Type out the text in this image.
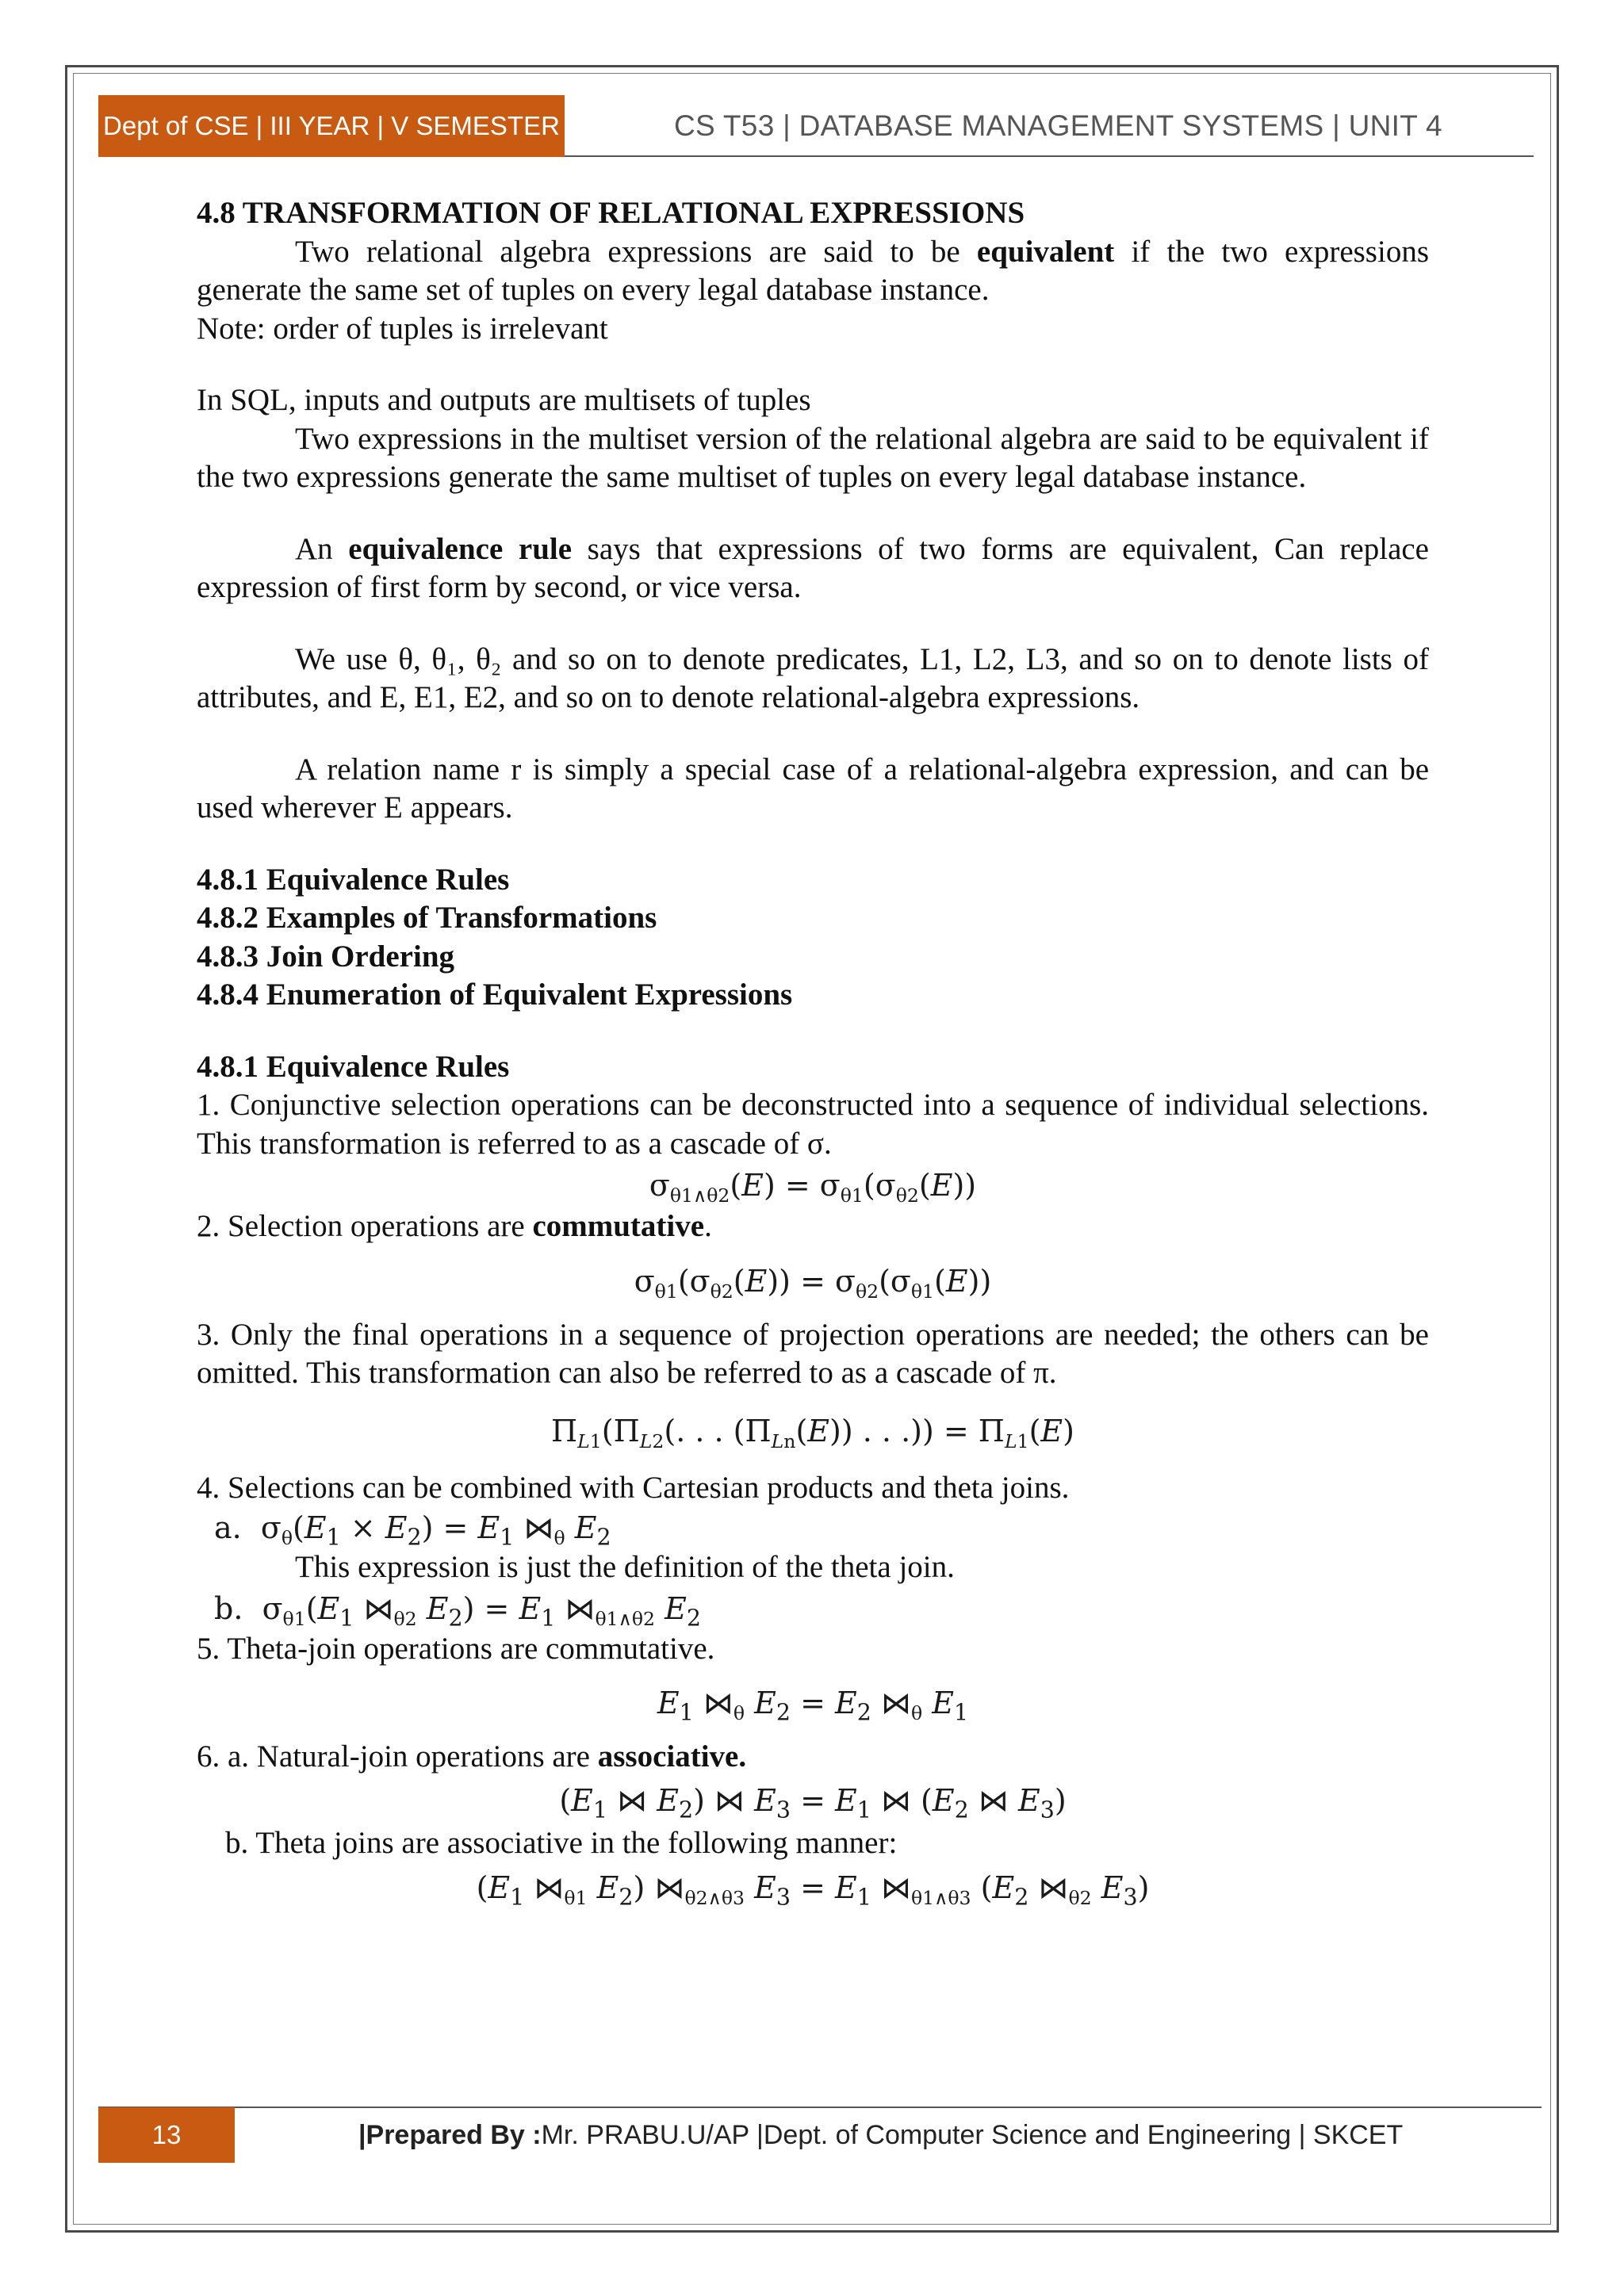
Dept of CSE | III YEAR | V SEMESTER	CS T53 | DATABASE MANAGEMENT SYSTEMS | UNIT 4

4.8 TRANSFORMATION OF RELATIONAL EXPRESSIONS

Two relational algebra expressions are said to be equivalent if the two expressions generate the same set of tuples on every legal database instance.

Note: order of tuples is irrelevant

In SQL, inputs and outputs are multisets of tuples

Two expressions in the multiset version of the relational algebra are said to be equivalent if the two expressions generate the same multiset of tuples on every legal database instance.

An equivalence rule says that expressions of two forms are equivalent, Can replace expression of first form by second, or vice versa.

We use θ, θ₁, θ₂ and so on to denote predicates, L1, L2, L3, and so on to denote lists of attributes, and E, E1, E2, and so on to denote relational-algebra expressions.

A relation name r is simply a special case of a relational-algebra expression, and can be used wherever E appears.

4.8.1 Equivalence Rules

4.8.2 Examples of Transformations

4.8.3 Join Ordering

4.8.4 Enumeration of Equivalent Expressions

4.8.1 Equivalence Rules

1. Conjunctive selection operations can be deconstructed into a sequence of individual selections. This transformation is referred to as a cascade of σ.

$\sigma_{\theta 1\wedge\theta 2}(E) = \sigma_{\theta 1}(\sigma_{\theta 2}(E))$

2. Selection operations are commutative.

$\sigma_{\theta 1}(\sigma_{\theta 2}(E)) = \sigma_{\theta 2}(\sigma_{\theta 1}(E))$

3. Only the final operations in a sequence of projection operations are needed; the others can be omitted. This transformation can also be referred to as a cascade of π.

$\Pi_{L1}(\Pi_{L2}$(. . . $(\Pi_{Ln}(E))$ . . .)) = $\Pi_{L1}(E)$

4. Selections can be combined with Cartesian products and theta joins.

a.  $\sigma_\theta(E_1 \times E_2) = E_1$ $⋈_\theta$ $E_2$

This expression is just the definition of the theta join.

b.  $\sigma_{\theta 1}(E_1$ $⋈_{\theta 2}$ $E_2) = E_1$ $⋈_{\theta 1\wedge\theta 2}$ $E_2$

5. Theta-join operations are commutative.

$E_1$ $⋈_\theta$ $E_2 = E_2$ $⋈_\theta$ $E_1$

6. a. Natural-join operations are associative.

($E_1$ ⋈ $E_2$) ⋈ $E_3 = E_1$ ⋈ ($E_2$ ⋈ $E_3$)

b. Theta joins are associative in the following manner:

($E_1$ $⋈_{\theta 1}$ $E_2$) $⋈_{\theta 2\wedge\theta 3}$ $E_3 = E_1$ $⋈_{\theta 1\wedge\theta 3}$ ($E_2$ $⋈_{\theta 2}$ $E_3$)
13	|Prepared By : Mr. PRABU.U/AP |Dept. of Computer Science and Engineering | SKCET
